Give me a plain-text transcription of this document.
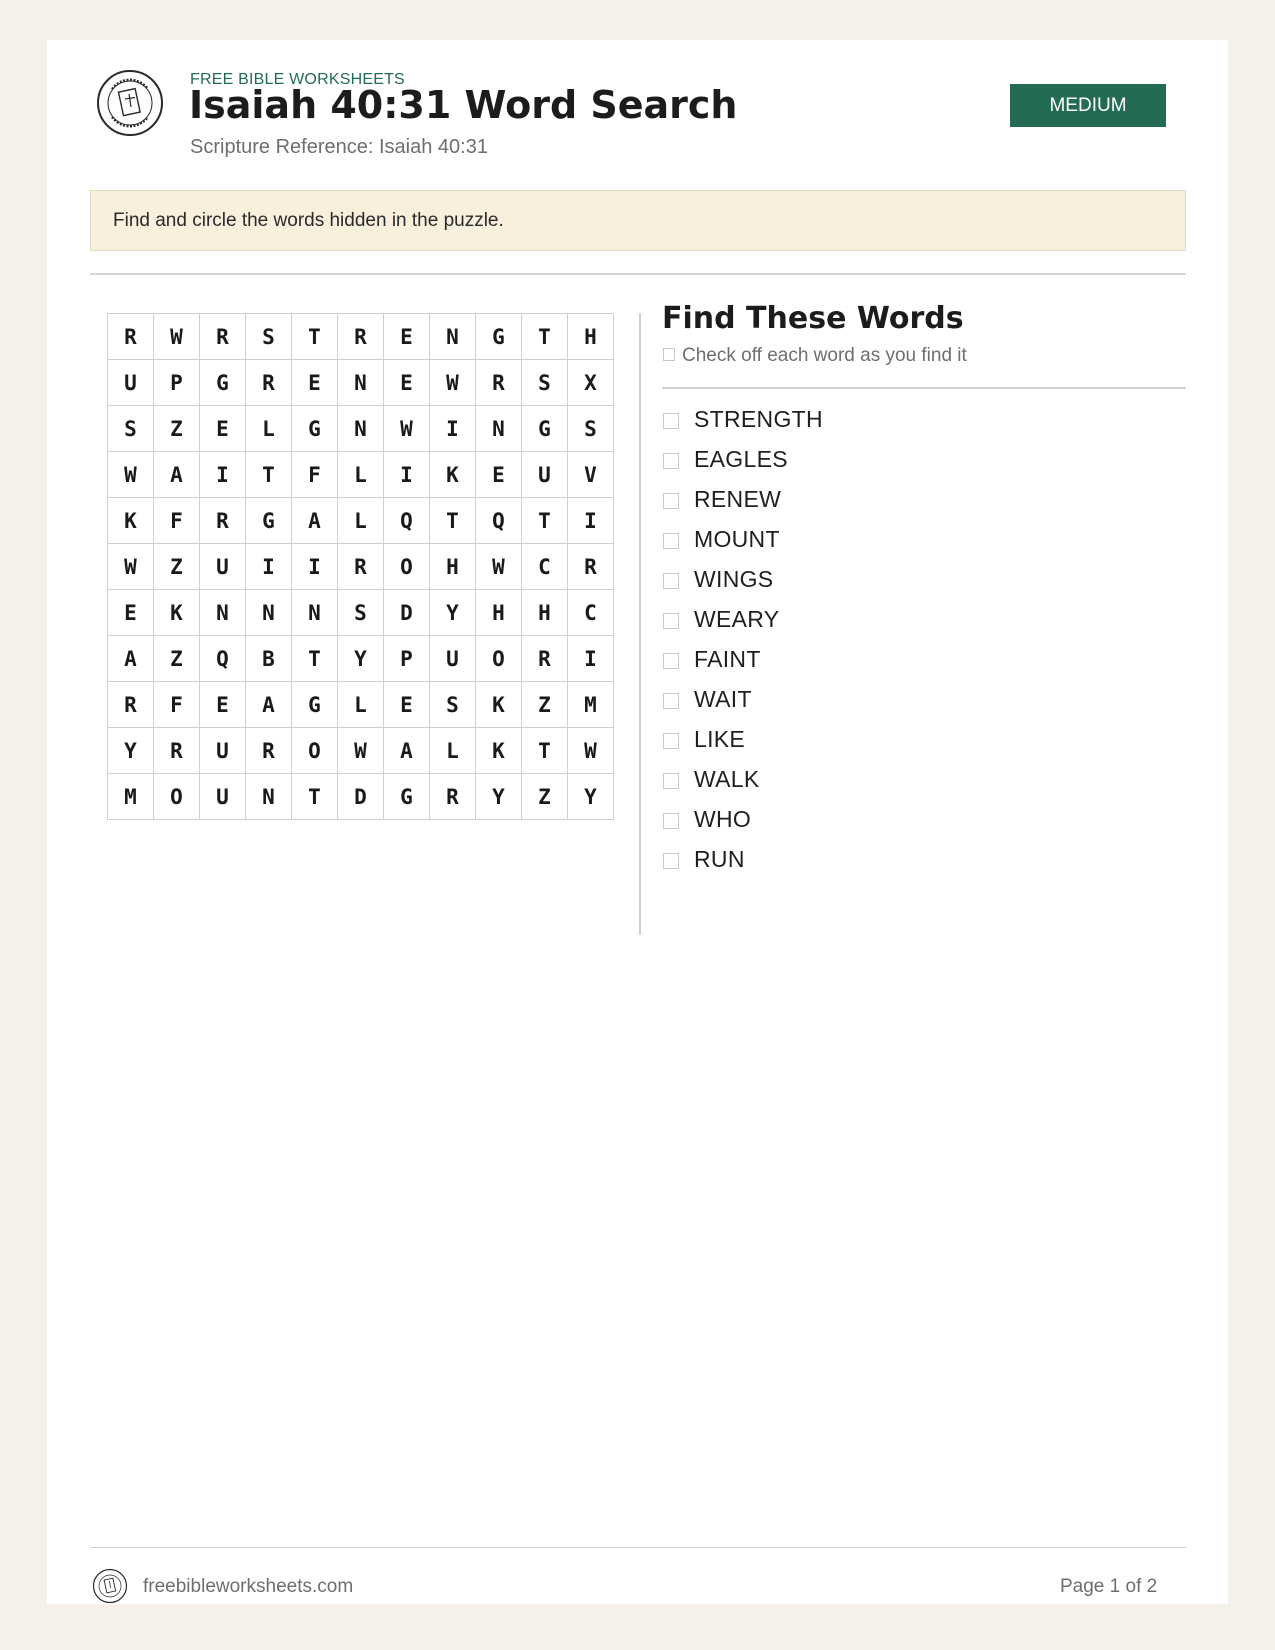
FREE BIBLE WORKSHEETS
Isaiah 40:31 Word Search
Scripture Reference: Isaiah 40:31
MEDIUM
Find and circle the words hidden in the puzzle.
R	W	R	S	T	R	E	N	G	T	H
U	P	G	R	E	N	E	W	R	S	X
S	Z	E	L	G	N	W	I	N	G	S
W	A	I	T	F	L	I	K	E	U	V
K	F	R	G	A	L	Q	T	Q	T	I
W	Z	U	I	I	R	O	H	W	C	R
E	K	N	N	N	S	D	Y	H	H	C
A	Z	Q	B	T	Y	P	U	O	R	I
R	F	E	A	G	L	E	S	K	Z	M
Y	R	U	R	O	W	A	L	K	T	W
M	O	U	N	T	D	G	R	Y	Z	Y
Find These Words
Check off each word as you find it
STRENGTH
EAGLES
RENEW
MOUNT
WINGS
WEARY
FAINT
WAIT
LIKE
WALK
WHO
RUN
freebibleworksheets.com	Page 1 of 2
